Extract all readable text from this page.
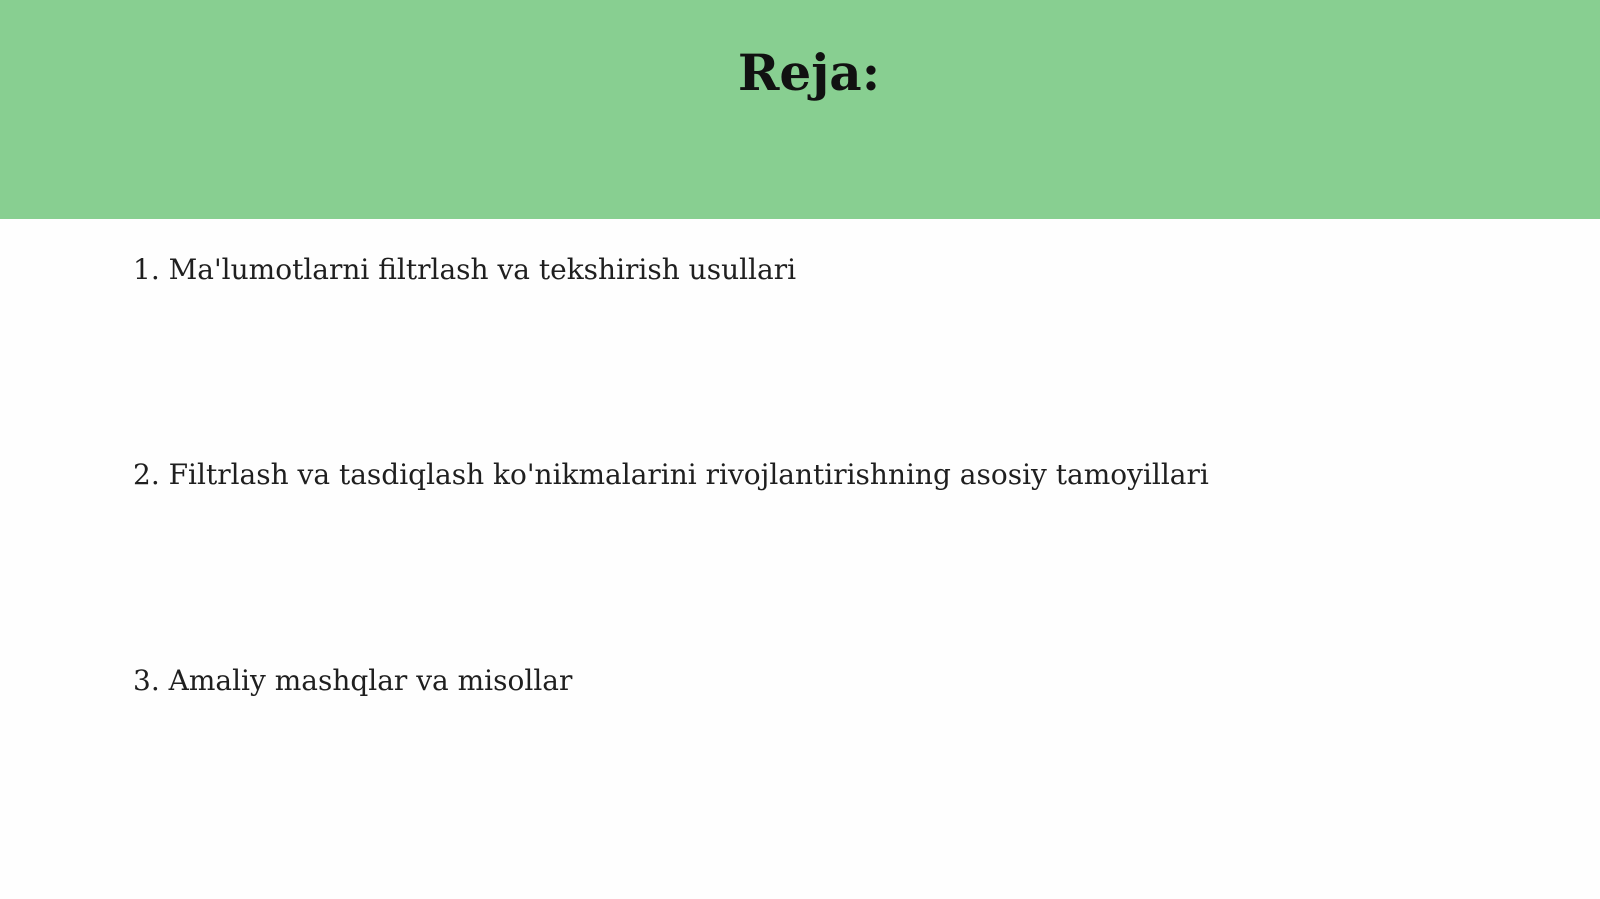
Reja:

1. Ma'lumotlarni filtrlash va tekshirish usullari

2. Filtrlash va tasdiqlash ko'nikmalarini rivojlantirishning asosiy tamoyillari

3. Amaliy mashqlar va misollar
